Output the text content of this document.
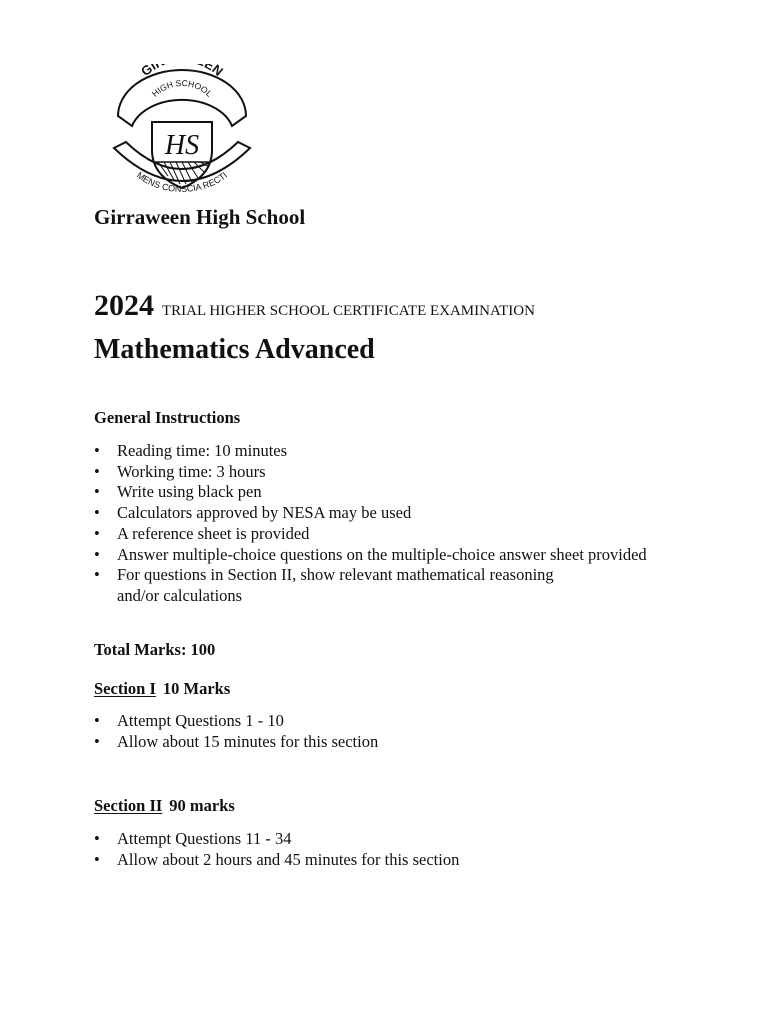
HS
GI EN
HIGH SCHOOL
MENS CONSCIA RECTI
Girraween High School

2024 TRIAL HIGHER SCHOOL CERTIFICATE EXAMINATION

Mathematics Advanced
General Instructions
• Reading time: 10 minutes
• Working time: 3 hours
• Write using black pen
• Calculators approved by NESA may be used
• A reference sheet is provided
• Answer multiple-choice questions on the multiple-choice answer sheet provided
• For questions in Section II, show relevant mathematical reasoning and/or calculations
Total Marks: 100
Section I 10 Marks
• Attempt Questions 1 - 10
• Allow about 15 minutes for this section
Section II 90 marks
• Attempt Questions 11 - 34
• Allow about 2 hours and 45 minutes for this section
